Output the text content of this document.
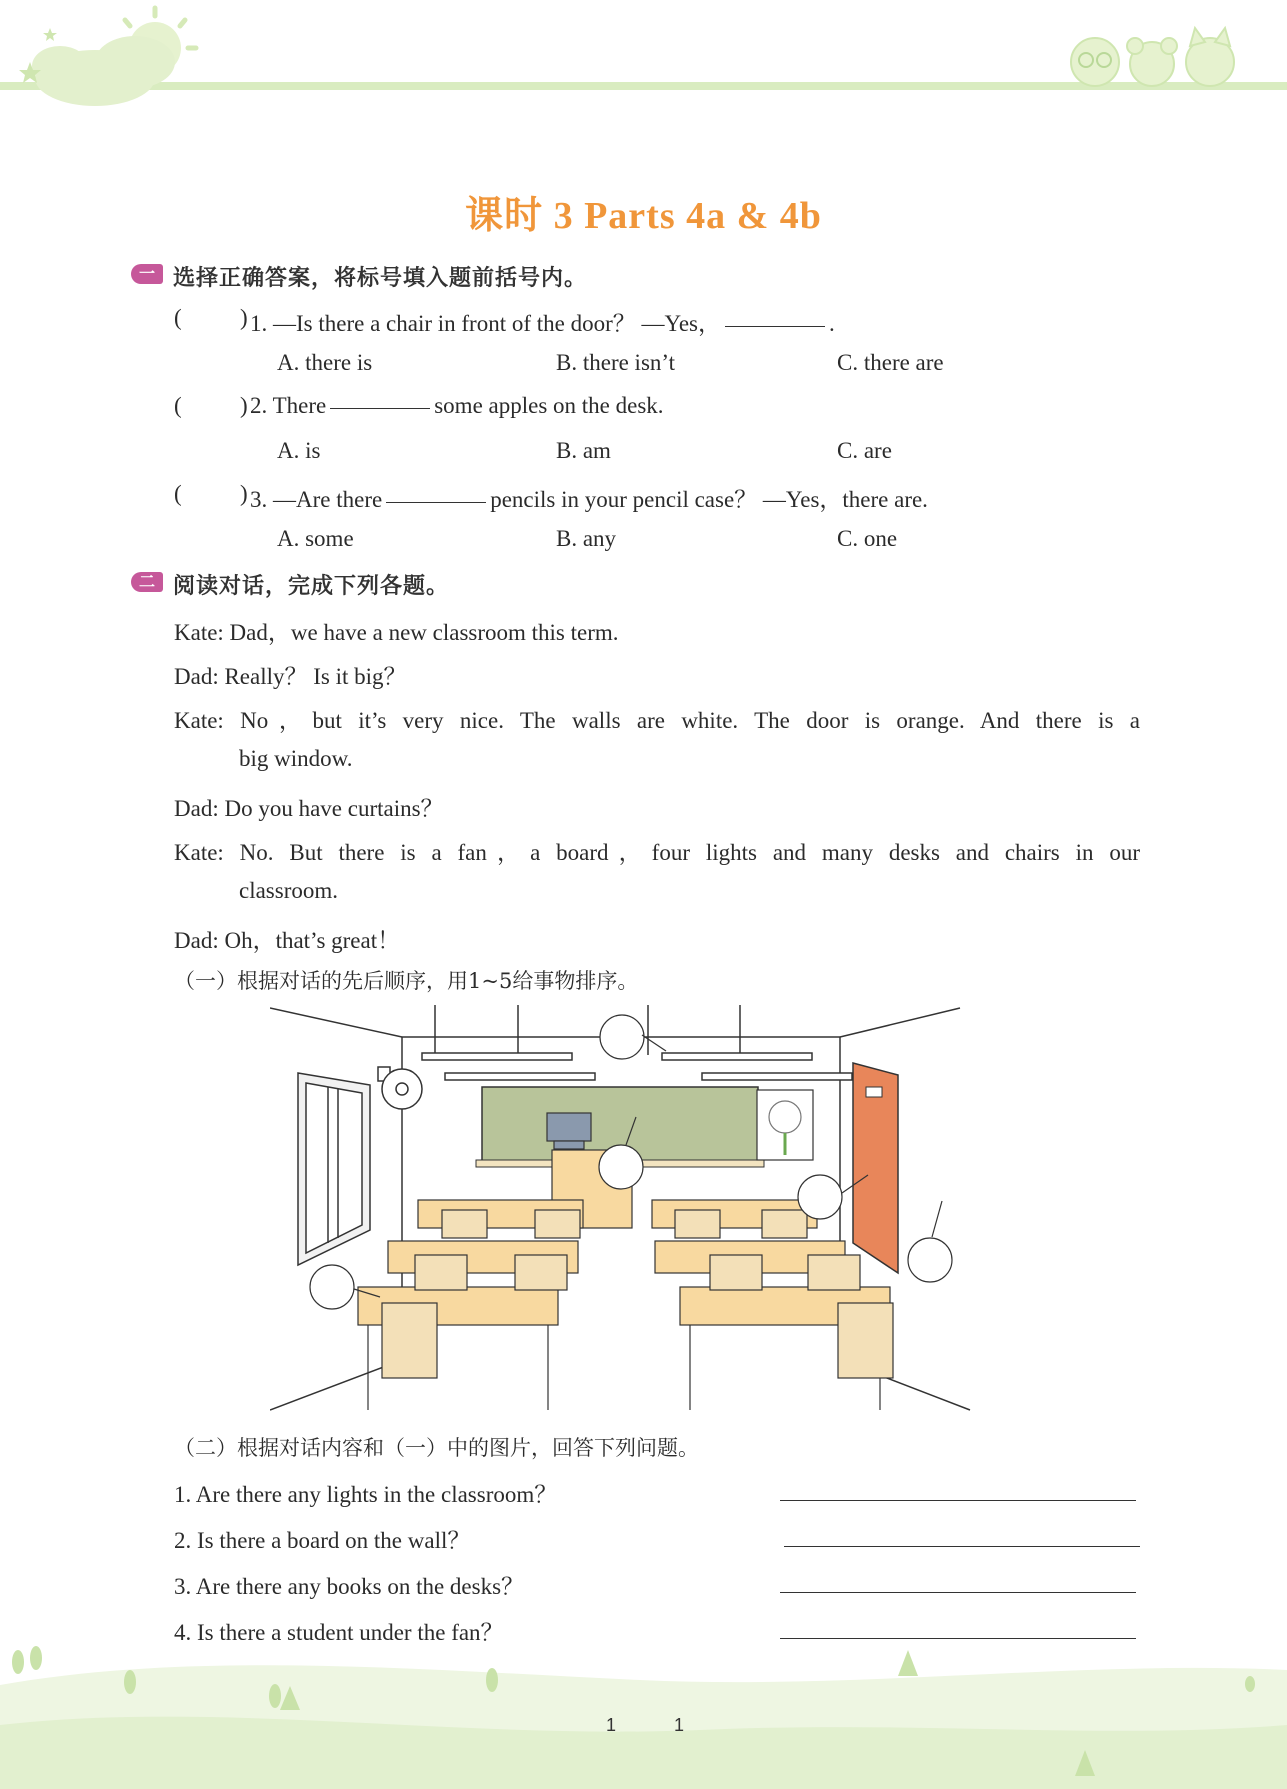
课时 3 Parts 4a & 4b
一 选择正确答案，将标号填入题前括号内。
(	) 1. —Is there a chair in front of the door？ —Yes，	.
A. there is	B. there isn’t	C. there are
(	) 2. There	some apples on the desk.
A. is	B. am	C. are
(	) 3. —Are there	pencils in your pencil case？ —Yes，there are.
A. some	B. any	C. one
二 阅读对话，完成下列各题。
Kate: Dad，we have a new classroom this term.
Dad: Really？ Is it big？
Kate: No，but it’s very nice. The walls are white. The door is orange. And there is a
big window.
Dad: Do you have curtains？
Kate: No. But there is a fan，a board，four lights and many desks and chairs in our
classroom.
Dad: Oh，that’s great！
（一）根据对话的先后顺序，用1~5给事物排序。
（二）根据对话内容和（一）中的图片，回答下列问题。
1. Are there any lights in the classroom？
2. Is there a board on the wall？
3. Are there any books on the desks？
4. Is there a student under the fan？
1	1
